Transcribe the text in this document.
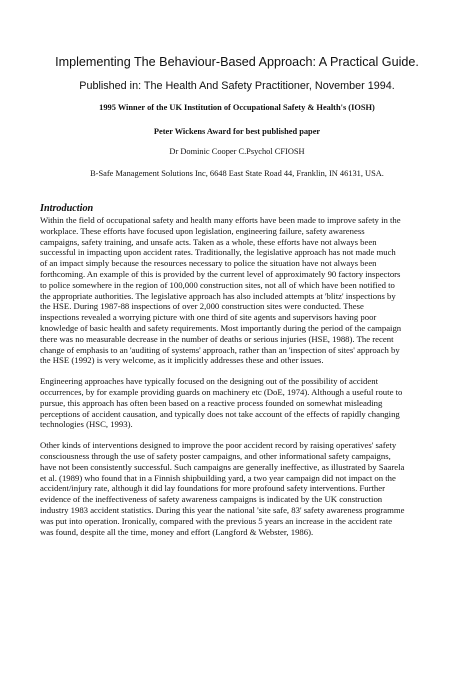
Implementing The Behaviour-Based Approach: A Practical Guide.
Published in: The Health And Safety Practitioner, November 1994.
1995 Winner of the UK Institution of Occupational Safety & Health's (IOSH)
Peter Wickens Award for best published paper
Dr Dominic Cooper C.Psychol CFIOSH
B-Safe Management Solutions Inc, 6648 East State Road 44, Franklin, IN 46131, USA.
Introduction

Within the field of occupational safety and health many efforts have been made to improve safety in the
workplace. These efforts have focused upon legislation, engineering failure, safety awareness
campaigns, safety training, and unsafe acts. Taken as a whole, these efforts have not always been
successful in impacting upon accident rates. Traditionally, the legislative approach has not made much
of an impact simply because the resources necessary to police the situation have not always been
forthcoming. An example of this is provided by the current level of approximately 90 factory inspectors
to police somewhere in the region of 100,000 construction sites, not all of which have been notified to
the appropriate authorities. The legislative approach has also included attempts at 'blitz' inspections by
the HSE. During 1987-88 inspections of over 2,000 construction sites were conducted. These
inspections revealed a worrying picture with one third of site agents and supervisors having poor
knowledge of basic health and safety requirements. Most importantly during the period of the campaign
there was no measurable decrease in the number of deaths or serious injuries (HSE, 1988). The recent
change of emphasis to an 'auditing of systems' approach, rather than an 'inspection of sites' approach by
the HSE (1992) is very welcome, as it implicitly addresses these and other issues.

Engineering approaches have typically focused on the designing out of the possibility of accident
occurrences, by for example providing guards on machinery etc (DoE, 1974). Although a useful route to
pursue, this approach has often been based on a reactive process founded on somewhat misleading
perceptions of accident causation, and typically does not take account of the effects of rapidly changing
technologies (HSC, 1993).

Other kinds of interventions designed to improve the poor accident record by raising operatives' safety
consciousness through the use of safety poster campaigns, and other informational safety campaigns,
have not been consistently successful. Such campaigns are generally ineffective, as illustrated by Saarela
et al. (1989) who found that in a Finnish shipbuilding yard, a two year campaign did not impact on the
accident/injury rate, although it did lay foundations for more profound safety interventions. Further
evidence of the ineffectiveness of safety awareness campaigns is indicated by the UK construction
industry 1983 accident statistics. During this year the national 'site safe, 83' safety awareness programme
was put into operation. Ironically, compared with the previous 5 years an increase in the accident rate
was found, despite all the time, money and effort (Langford & Webster, 1986).
